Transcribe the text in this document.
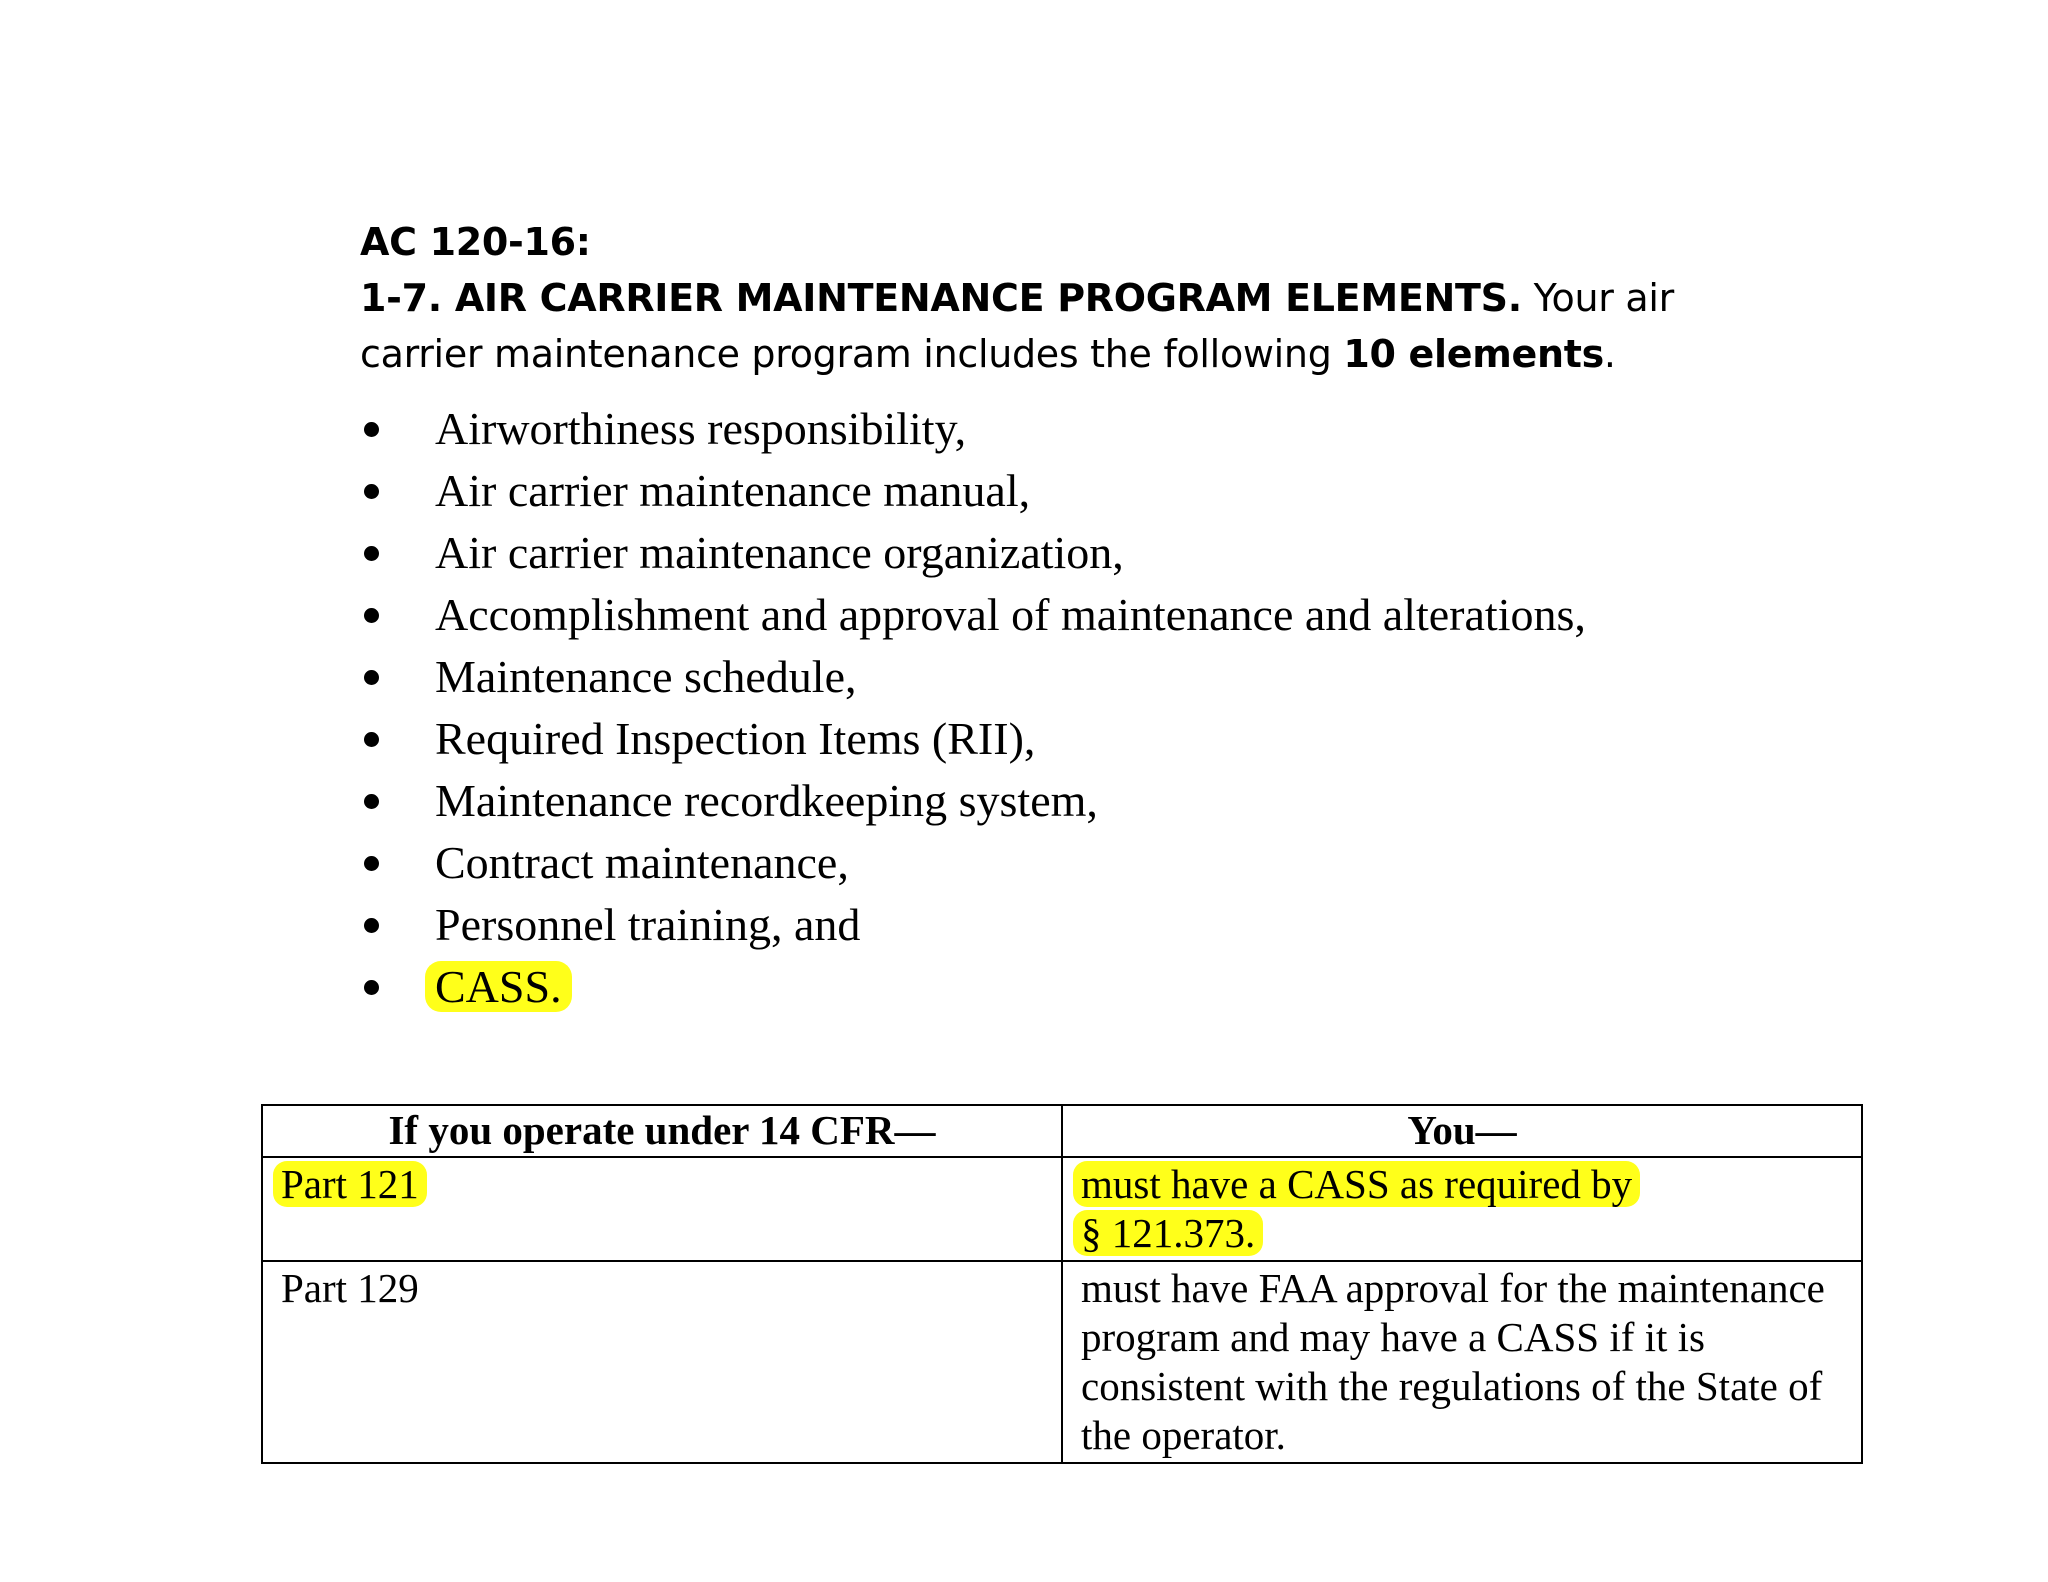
AC 120-16:
1-7. AIR CARRIER MAINTENANCE PROGRAM ELEMENTS. Your air carrier maintenance program includes the following 10 elements.
Airworthiness responsibility,
Air carrier maintenance manual,
Air carrier maintenance organization,
Accomplishment and approval of maintenance and alterations,
Maintenance schedule,
Required Inspection Items (RII),
Maintenance recordkeeping system,
Contract maintenance,
Personnel training, and
CASS.
If you operate under 14 CFR—	You—
Part 121	must have a CASS as required by
§ 121.373.
Part 129	must have FAA approval for the maintenance program and may have a CASS if it is consistent with the regulations of the State of the operator.
